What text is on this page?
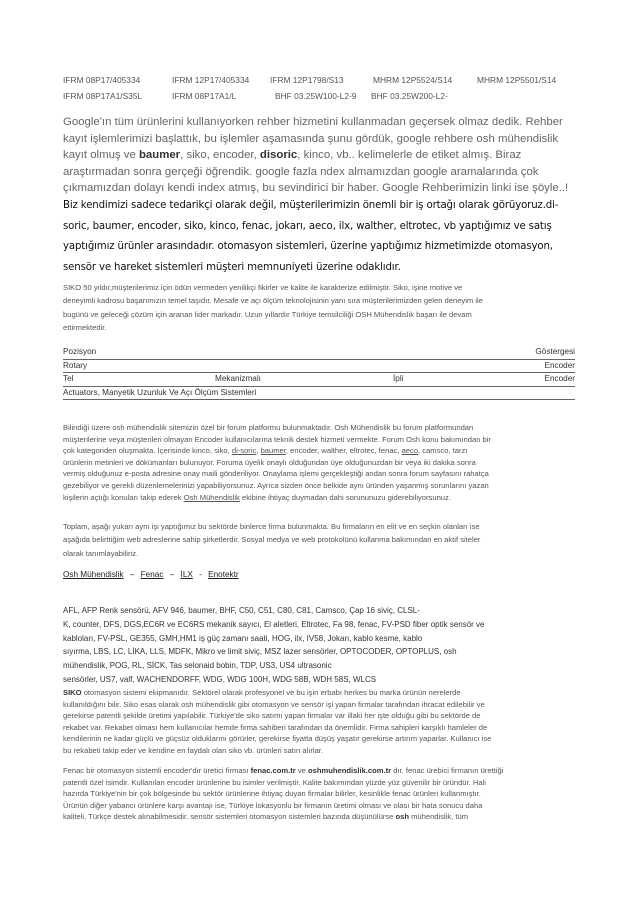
IFRM 08P17/405334	IFRM 12P17/405334 IFRM 12P1798/S13	MHRM 12P5524/S14	MHRM 12P5501/S14
IFRM 08P17A1/S35L	IFRM 08P17A1/L	BHF 03.25W100-L2-9 BHF 03.25W200-L2-

Google'ın tüm ürünlerini kullanıyorken rehber hizmetini kullanmadan geçersek olmaz dedik. Rehber
kayıt işlemlerimizi başlattık, bu işlemler aşamasında şunu gördük, google rehbere osh mühendislik
kayıt olmuş ve baumer, siko, encoder, disoric, kinco, vb.. kelimelerle de etiket almış. Biraz
araştırmadan sonra gerçeği öğrendik. google fazla ndex almamızdan google aramalarında çok
çıkmamızdan dolayı kendi index atmış, bu sevindirici bir haber. Google Rehberimizin linki ise şöyle..!

Biz kendimizi sadece tedarikçi olarak değil, müşterilerimizin önemli bir iş ortağı olarak görüyoruz.di-
soric, baumer, encoder, siko, kinco, fenac, jokarı, aeco, ilx, walther, eltrotec, vb yaptığımız ve satış
yaptığımız ürünler arasındadır. otomasyon sistemleri, üzerine yaptığımız hizmetimizde otomasyon,
sensör ve hareket sistemleri müşteri memnuniyeti üzerine odaklıdır.

SIKO 50 yıldır,müşterilerimiz için ödün vermeden yenilikçi fikirler ve kalite ile karakterize edilmiştir. Siko, işine motive ve
deneyimli kadrosu başarımızın temel taşıdır. Mesafe ve açı ölçüm teknolojisinin yanı sıra müşterilerimizden gelen deneyim ile
bugünü ve geleceği çözüm için aranan lider markadır. Uzun yıllardır Türkiye temsilciliği OSH Mühendislik başarı ile devam
ettirmektedir.

Pozisyon	Göstergesi
Rotary	Encoder
Tel	Mekanizmalı	İpli	Encoder
Actuators, Manyetik Uzunluk Ve Açı Ölçüm Sistemleri

Bilindiği üzere osh mühendislik sitemizin özel bir forum platformu bulunmaktadır. Osh Mühendislik bu forum platformundan
müşterilerine veya müşterileri olmayan Encoder kullanıcılarına teknik destek hizmeti vermekte. Forum Osh konu bakımından bir
çok kategoriden oluşmakta. İçerisinde kinco, siko, di-soric, baumer, encoder, walther, eltrotec, fenac, aeco, camsco, tarzı
ürünlerin metinleri ve dökümanları bulunuyor. Foruma üyelik onaylı olduğundan üye olduğunuzdan bir veya iki dakika sonra
vermiş olduğunuz e-posta adresine onay maili gönderiliyor. Onaylama işlemi gerçekleştiği andan sonra forum sayfasını rahatça
gezebiliyor ve gerekli düzenlemelerinizi yapabiliyorsunuz. Ayrıca sizden önce belkide aynı üründen yaşanmış sorunlarını yazan
kişilerin açtığı konuları takip ederek Osh Mühendislik ekibine ihtiyaç duymadan dahi sorununuzu giderebiliyorsunuz.

Toplam, aşağı yukarı aynı işi yaptığımız bu sektörde binlerce firma bulunmakta. Bu firmaların en elit ve en seçkin olanları ise
aşağıda belirttiğim web adreslerine sahip şirketlerdir. Sosyal medya ve web protokolünü kullanma bakımından en aktif siteler
olarak tanımlayabiliriz.

Osh Mühendislik – Fenac – İLX - Enotektr

AFL, AFP Renk sensörü, AFV 946, baumer, BHF, C50, C51, C80, C81, Camsco, Çap 16 siviç, CLSL-
K, counter, DFS, DGS,EC6R ve EC6RS mekanik sayıcı, El aletleri, Eltrotec, Fa 98, fenac, FV-PSD fiber optik sensör ve
kabloları, FV-PSL, GE355, GMH,HM1 iş güç zamanı saati, HOG, ilx, IV58, Jokarı, kablo kesme, kablo
sıyırma, LBS, LC, LİKA, LLS, MDFK, Mikro ve limit siviç, MSZ lazer sensörler, OPTOCODER, OPTOPLUS, osh
mühendislik, POG, RL, SİCK, Tas selonaid bobin, TDP, US3, US4 ultrasonic
sensörler, US7, valf, WACHENDORFF, WDG, WDG 100H, WDG 58B, WDH 58S, WLCS

SIKO otomasyon sistemi ekipmanıdır. Sektörel olarak profesyonel ve bu işin erbabı herkes bu marka ürünün nerelerde
kullanıldığını bilir. Siko esas olarak osh mühendislik gibi otomasyon ve sensör işi yapan firmalar tarafından ihracat edilebilir ve
gerekirse patentli şekilde üretimi yapılabilir. Türkiye'de siko satımı yapan firmalar var illaki her işte olduğu gibi bu sektörde de
rekabet var. Rekabet olması hem kullanıcılar hemde firma sahiberi tarafından da önemlidir. Firma sahipleri karşıklı hamleler de
kendilerinin ne kadar güçlü ve güçsüz olduklarını görürler, gerekirse fiyatta düşüş yaşatır gerekirse artırım yaparlar. Kullanıcı ise
bu rekabeti takip eder ve kendine en faydalı olan siko vb. ürünleri satın alırlar.

Fenac bir otomasyon sistemli encoder'dır üretici firması fenac.com.tr ve oshmuhendislik.com.tr dır. fenac ürebici firmanın ürettiği
patentli özel isimdir. Kullanılan encoder ürünlerine bu isimler verilmiştir. Kalite bakımından yüzde yüz güvenilir bir üründür. Hali
hazırda Türkiye'nin bir çok bölgesinde bu sektör ürünlerine ihtiyaç duyan firmalar bilirler, kesinlikle fenac ürünleri kullanmıştır.
Ürünün diğer yabancı ürünlere karşı avantajı ise, Türkiye lokasyonlu bir firmanın üretimi olması ve olası bir hata sonucu daha
kaliteli, Türkçe destek alınabilmesidir. sensör sistemleri otomasyon sistemleri bazında düşünülürse osh mühendislik, tüm
